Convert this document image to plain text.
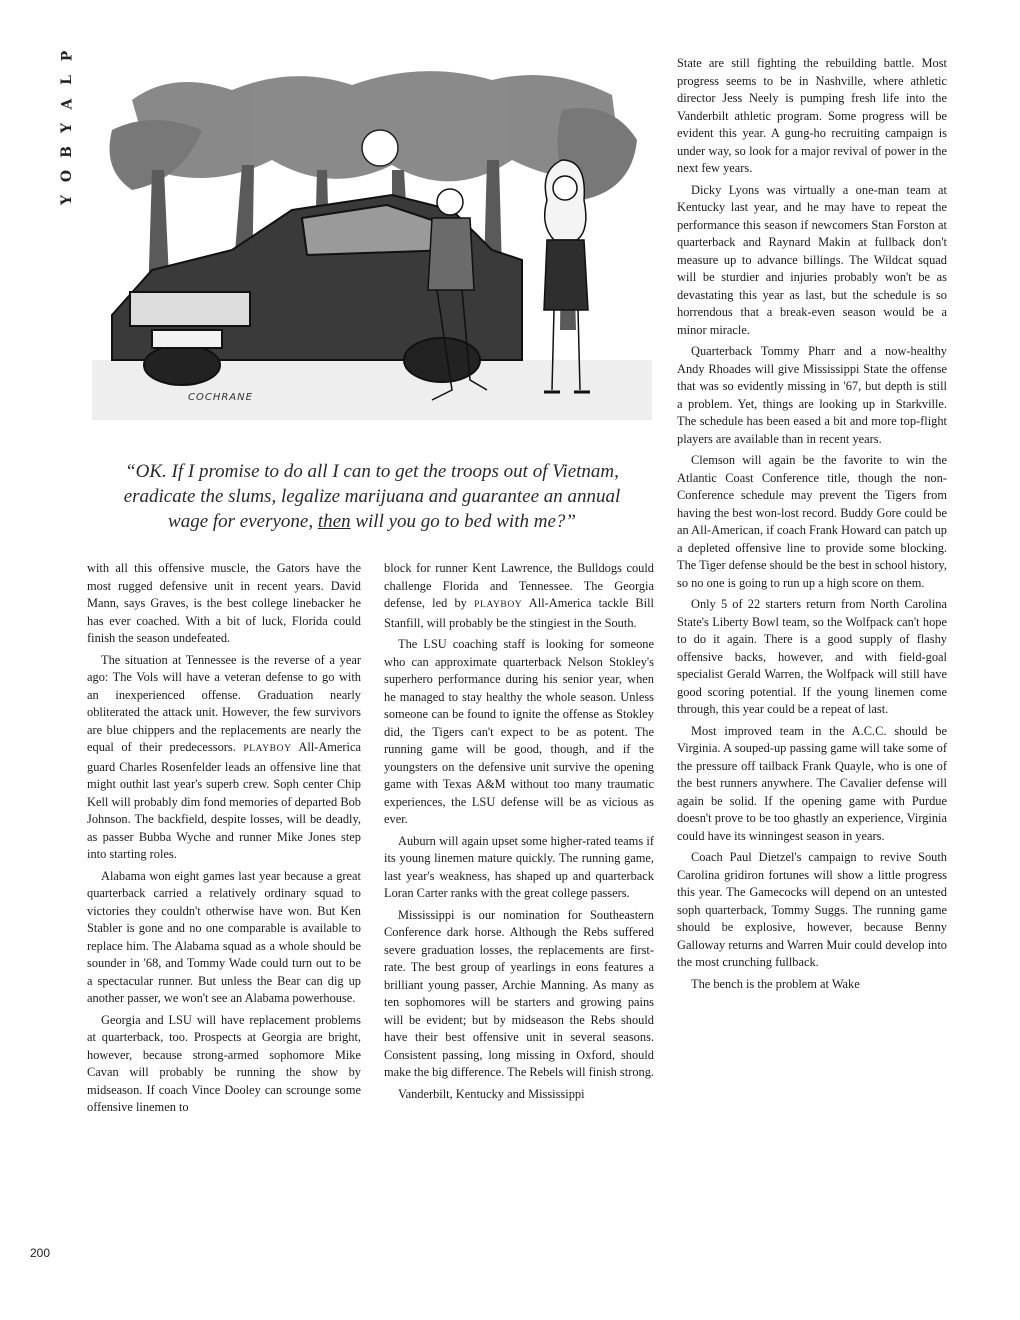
P
L
A
Y
B
O
Y
COCHRANE
“OK. If I promise to do all I can to get the troops out of Vietnam, eradicate the slums, legalize marijuana and guarantee an annual wage for everyone, then will you go to bed with me?”

with all this offensive muscle, the Gators have the most rugged defensive unit in recent years. David Mann, says Graves, is the best college linebacker he has ever coached. With a bit of luck, Florida could finish the season undefeated.

The situation at Tennessee is the reverse of a year ago: The Vols will have a veteran defense to go with an inexperienced offense. Graduation nearly obliterated the attack unit. However, the few survivors are blue chippers and the replacements are nearly the equal of their predecessors. PLAYBOY All-America guard Charles Rosenfelder leads an offensive line that might outhit last year's superb crew. Soph center Chip Kell will probably dim fond memories of departed Bob Johnson. The backfield, despite losses, will be deadly, as passer Bubba Wyche and runner Mike Jones step into starting roles.

Alabama won eight games last year because a great quarterback carried a relatively ordinary squad to victories they couldn't otherwise have won. But Ken Stabler is gone and no one comparable is available to replace him. The Alabama squad as a whole should be sounder in '68, and Tommy Wade could turn out to be a spectacular runner. But unless the Bear can dig up another passer, we won't see an Alabama powerhouse.

Georgia and LSU will have replacement problems at quarterback, too. Prospects at Georgia are bright, however, because strong-armed sophomore Mike Cavan will probably be running the show by midseason. If coach Vince Dooley can scrounge some offensive linemen to

block for runner Kent Lawrence, the Bulldogs could challenge Florida and Tennessee. The Georgia defense, led by PLAYBOY All-America tackle Bill Stanfill, will probably be the stingiest in the South.

The LSU coaching staff is looking for someone who can approximate quarterback Nelson Stokley's superhero performance during his senior year, when he managed to stay healthy the whole season. Unless someone can be found to ignite the offense as Stokley did, the Tigers can't expect to be as potent. The running game will be good, though, and if the youngsters on the defensive unit survive the opening game with Texas A&M without too many traumatic experiences, the LSU defense will be as vicious as ever.

Auburn will again upset some higher-rated teams if its young linemen mature quickly. The running game, last year's weakness, has shaped up and quarterback Loran Carter ranks with the great college passers.

Mississippi is our nomination for Southeastern Conference dark horse. Although the Rebs suffered severe graduation losses, the replacements are first-rate. The best group of yearlings in eons features a brilliant young passer, Archie Manning. As many as ten sophomores will be starters and growing pains will be evident; but by midseason the Rebs should have their best offensive unit in several seasons. Consistent passing, long missing in Oxford, should make the big difference. The Rebels will finish strong.

Vanderbilt, Kentucky and Mississippi

State are still fighting the rebuilding battle. Most progress seems to be in Nashville, where athletic director Jess Neely is pumping fresh life into the Vanderbilt athletic program. Some progress will be evident this year. A gung-ho recruiting campaign is under way, so look for a major revival of power in the next few years.

Dicky Lyons was virtually a one-man team at Kentucky last year, and he may have to repeat the performance this season if newcomers Stan Forston at quarterback and Raynard Makin at fullback don't measure up to advance billings. The Wildcat squad will be sturdier and injuries probably won't be as devastating this year as last, but the schedule is so horrendous that a break-even season would be a minor miracle.

Quarterback Tommy Pharr and a now-healthy Andy Rhoades will give Mississippi State the offense that was so evidently missing in '67, but depth is still a problem. Yet, things are looking up in Starkville. The schedule has been eased a bit and more top-flight players are available than in recent years.

Clemson will again be the favorite to win the Atlantic Coast Conference title, though the non-Conference schedule may prevent the Tigers from having the best won-lost record. Buddy Gore could be an All-American, if coach Frank Howard can patch up a depleted offensive line to provide some blocking. The Tiger defense should be the best in school history, so no one is going to run up a high score on them.

Only 5 of 22 starters return from North Carolina State's Liberty Bowl team, so the Wolfpack can't hope to do it again. There is a good supply of flashy offensive backs, however, and with field-goal specialist Gerald Warren, the Wolfpack will still have good scoring potential. If the young linemen come through, this year could be a repeat of last.

Most improved team in the A.C.C. should be Virginia. A souped-up passing game will take some of the pressure off tailback Frank Quayle, who is one of the best runners anywhere. The Cavalier defense will again be solid. If the opening game with Purdue doesn't prove to be too ghastly an experience, Virginia could have its winningest season in years.

Coach Paul Dietzel's campaign to revive South Carolina gridiron fortunes will show a little progress this year. The Gamecocks will depend on an untested soph quarterback, Tommy Suggs. The running game should be explosive, however, because Benny Galloway returns and Warren Muir could develop into the most crunching fullback.

The bench is the problem at Wake

200
